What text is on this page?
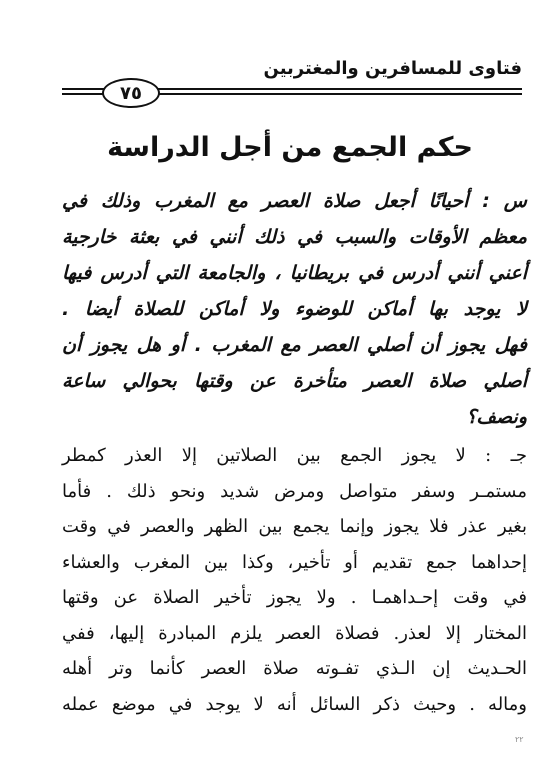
فتاوى للمسافرين والمغتربين
٧٥
حكم الجمع من أجل الدراسة
س : أحيانًا أجعل صلاة العصر مع المغرب وذلك في
معظم الأوقات والسبب في ذلك أنني في بعثة خارجية
أعني أنني أدرس في بريطانيا ، والجامعة التي أدرس فيها
لا يوجد بها أماكن للوضوء ولا أماكن للصلاة أيضا .
فهل يجوز أن أصلي العصر مع المغرب . أو هل يجوز أن
أصلي صلاة العصر متأخرة عن وقتها بحوالي ساعة
ونصف؟
جـ : لا يجوز الجمع بين الصلاتين إلا العذر كمطر
مستمـر وسفر متواصل ومرض شديد ونحو ذلك . فأما
بغير عذر فلا يجوز وإنما يجمع بين الظهر والعصر في وقت
إحداهما جمع تقديم أو تأخير، وكذا بين المغرب والعشاء
في وقت إحـداهمـا . ولا يجوز تأخير الصلاة عن وقتها
المختار إلا لعذر. فصلاة العصر يلزم المبادرة إليها، ففي
الحـديث إن الـذي تفـوته صلاة العصر كأنما وتر أهله
وماله . وحيث ذكر السائل أنه لا يوجد في موضع عمله
٢٢
